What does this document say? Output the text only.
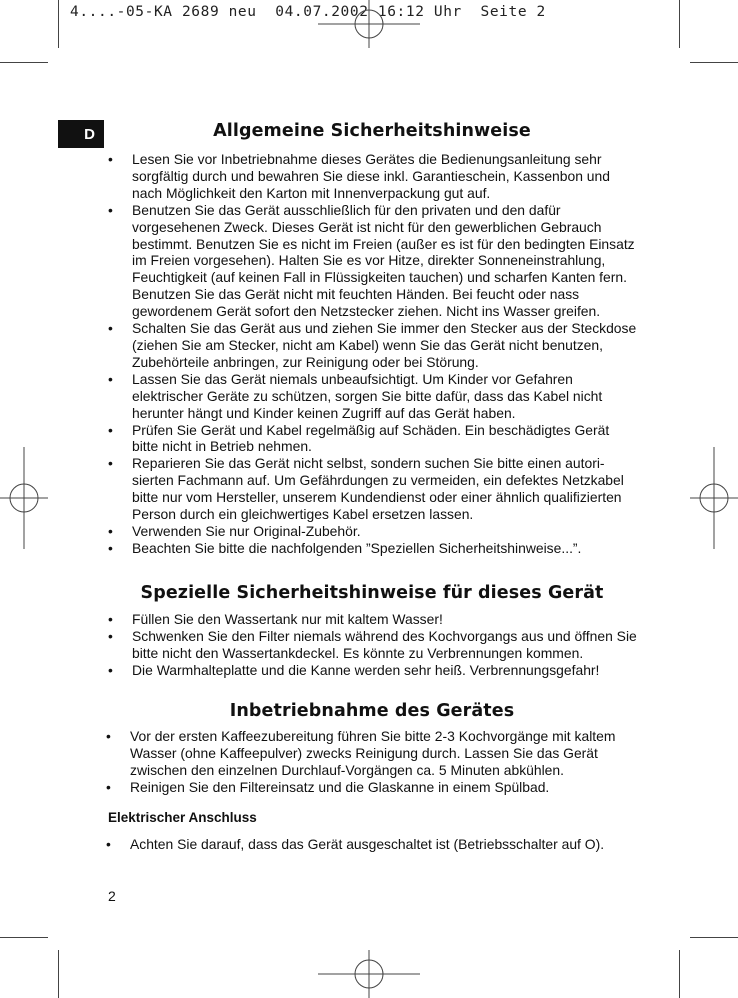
4....-05-KA 2689 neu  04.07.2002 16:12 Uhr  Seite 2
D	Allgemeine Sicherheitshinweise
• Lesen Sie vor Inbetriebnahme dieses Gerätes die Bedienungsanleitung sehr sorgfältig durch und bewahren Sie diese inkl. Garantieschein, Kassenbon und nach Möglichkeit den Karton mit Innenverpackung gut auf.
• Benutzen Sie das Gerät ausschließlich für den privaten und den dafür vorgesehenen Zweck. Dieses Gerät ist nicht für den gewerblichen Gebrauch bestimmt. Benutzen Sie es nicht im Freien (außer es ist für den bedingten Einsatz im Freien vorgesehen). Halten Sie es vor Hitze, direkter Sonneneinstrahlung, Feuchtigkeit (auf keinen Fall in Flüssigkeiten tauchen) und scharfen Kanten fern. Benutzen Sie das Gerät nicht mit feuchten Händen. Bei feucht oder nass gewordenem Gerät sofort den Netzstecker ziehen. Nicht ins Wasser greifen.
• Schalten Sie das Gerät aus und ziehen Sie immer den Stecker aus der Steckdose (ziehen Sie am Stecker, nicht am Kabel) wenn Sie das Gerät nicht benutzen, Zubehörteile anbringen, zur Reinigung oder bei Störung.
• Lassen Sie das Gerät niemals unbeaufsichtigt. Um Kinder vor Gefahren elektrischer Geräte zu schützen, sorgen Sie bitte dafür, dass das Kabel nicht herunter hängt und Kinder keinen Zugriff auf das Gerät haben.
• Prüfen Sie Gerät und Kabel regelmäßig auf Schäden. Ein beschädigtes Gerät bitte nicht in Betrieb nehmen.
• Reparieren Sie das Gerät nicht selbst, sondern suchen Sie bitte einen autori-sierten Fachmann auf. Um Gefährdungen zu vermeiden, ein defektes Netzkabel bitte nur vom Hersteller, unserem Kundendienst oder einer ähnlich qualifizierten Person durch ein gleichwertiges Kabel ersetzen lassen.
• Verwenden Sie nur Original-Zubehör.
• Beachten Sie bitte die nachfolgenden ”Speziellen Sicherheitshinweise...”.
Spezielle Sicherheitshinweise für dieses Gerät
• Füllen Sie den Wassertank nur mit kaltem Wasser!
• Schwenken Sie den Filter niemals während des Kochvorgangs aus und öffnen Sie bitte nicht den Wassertankdeckel. Es könnte zu Verbrennungen kommen.
• Die Warmhalteplatte und die Kanne werden sehr heiß. Verbrennungsgefahr!
Inbetriebnahme des Gerätes
• Vor der ersten Kaffeezubereitung führen Sie bitte 2-3 Kochvorgänge mit kaltem Wasser (ohne Kaffeepulver) zwecks Reinigung durch. Lassen Sie das Gerät zwischen den einzelnen Durchlauf-Vorgängen ca. 5 Minuten abkühlen.
• Reinigen Sie den Filtereinsatz und die Glaskanne in einem Spülbad.
Elektrischer Anschluss
• Achten Sie darauf, dass das Gerät ausgeschaltet ist (Betriebsschalter auf O).
2
